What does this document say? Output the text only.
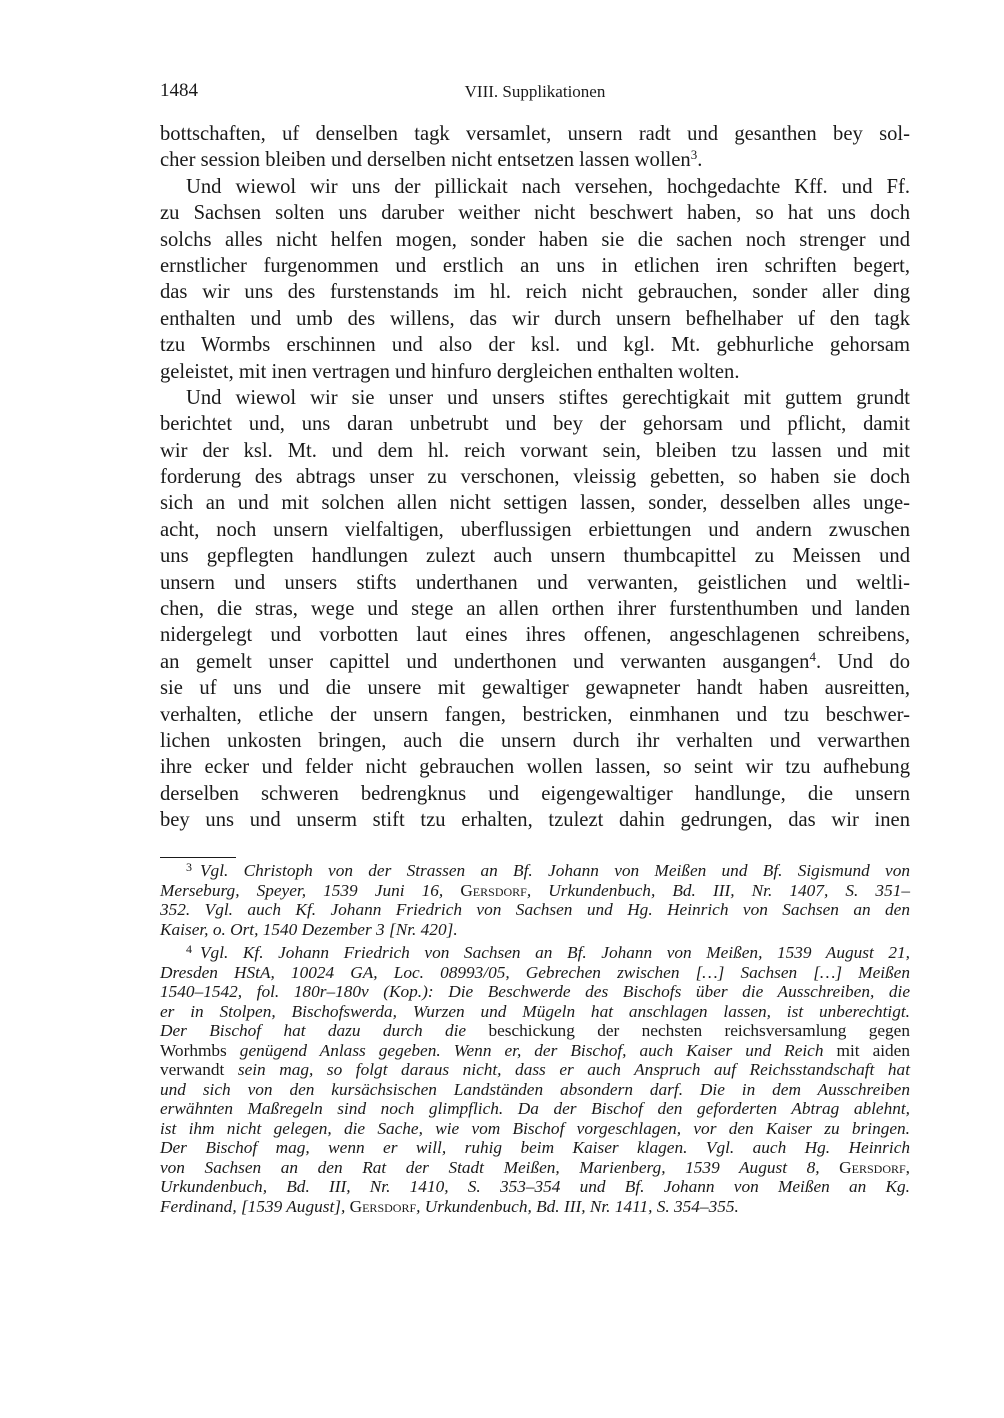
1484	VIII. Supplikationen
bottschaften, uf denselben tagk versamlet, unsern radt und gesanthen bey sol-
cher session bleiben und derselben nicht entsetzen lassen wollen$^3$.
Und wiewol wir uns der pillickait nach versehen, hochgedachte Kff. und Ff.
zu Sachsen solten uns daruber weither nicht beschwert haben, so hat uns doch
solchs alles nicht helfen mogen, sonder haben sie die sachen noch strenger und
ernstlicher furgenommen und erstlich an uns in etlichen iren schriften begert,
das wir uns des furstenstands im hl. reich nicht gebrauchen, sonder aller ding
enthalten und umb des willens, das wir durch unsern befhelhaber uf den tagk
tzu Wormbs erschinnen und also der ksl. und kgl. Mt. gebhurliche gehorsam
geleistet, mit inen vertragen und hinfuro dergleichen enthalten wolten.
Und wiewol wir sie unser und unsers stiftes gerechtigkait mit guttem grundt
berichtet und, uns daran unbetrubt und bey der gehorsam und pflicht, damit
wir der ksl. Mt. und dem hl. reich vorwant sein, bleiben tzu lassen und mit
forderung des abtrags unser zu verschonen, vleissig gebetten, so haben sie doch
sich an und mit solchen allen nicht settigen lassen, sonder, desselben alles unge-
acht, noch unsern vielfaltigen, uberflussigen erbiettungen und andern zwuschen
uns gepflegten handlungen zulezt auch unsern thumbcapittel zu Meissen und
unsern und unsers stifts underthanen und verwanten, geistlichen und weltli-
chen, die stras, wege und stege an allen orthen ihrer furstenthumben und landen
nidergelegt und vorbotten laut eines ihres offenen, angeschlagenen schreibens,
an gemelt unser capittel und underthonen und verwanten ausgangen$^4$. Und do
sie uf uns und die unsere mit gewaltiger gewapneter handt haben ausreitten,
verhalten, etliche der unsern fangen, bestricken, einmhanen und tzu beschwer-
lichen unkosten bringen, auch die unsern durch ihr verhalten und verwarthen
ihre ecker und felder nicht gebrauchen wollen lassen, so seint wir tzu aufhebung
derselben schweren bedrengknus und eigengewaltiger handlunge, die unsern
bey uns und unserm stift tzu erhalten, tzulezt dahin gedrungen, das wir inen
$^3$ Vgl. Christoph von der Strassen an Bf. Johann von Meißen und Bf. Sigismund von
Merseburg, Speyer, 1539 Juni 16, Gersdorf, Urkundenbuch, Bd. III, Nr. 1407, S. 351–
352. Vgl. auch Kf. Johann Friedrich von Sachsen und Hg. Heinrich von Sachsen an den
Kaiser, o. Ort, 1540 Dezember 3 [Nr. 420].
$^4$ Vgl. Kf. Johann Friedrich von Sachsen an Bf. Johann von Meißen, 1539 August 21,
Dresden HStA, 10024 GA, Loc. 08993/05, Gebrechen zwischen […] Sachsen […] Meißen
1540–1542, fol. 180r–180v (Kop.): Die Beschwerde des Bischofs über die Ausschreiben, die
er in Stolpen, Bischofswerda, Wurzen und Mügeln hat anschlagen lassen, ist unberechtigt.
Der Bischof hat dazu durch die beschickung der nechsten reichsversamlung gegen
Worhmbs genügend Anlass gegeben. Wenn er, der Bischof, auch Kaiser und Reich mit aiden
verwandt sein mag, so folgt daraus nicht, dass er auch Anspruch auf Reichsstandschaft hat
und sich von den kursächsischen Landständen absondern darf. Die in dem Ausschreiben
erwähnten Maßregeln sind noch glimpflich. Da der Bischof den geforderten Abtrag ablehnt,
ist ihm nicht gelegen, die Sache, wie vom Bischof vorgeschlagen, vor den Kaiser zu bringen.
Der Bischof mag, wenn er will, ruhig beim Kaiser klagen. Vgl. auch Hg. Heinrich
von Sachsen an den Rat der Stadt Meißen, Marienberg, 1539 August 8, Gersdorf,
Urkundenbuch, Bd. III, Nr. 1410, S. 353–354 und Bf. Johann von Meißen an Kg.
Ferdinand, [1539 August], Gersdorf, Urkundenbuch, Bd. III, Nr. 1411, S. 354–355.
